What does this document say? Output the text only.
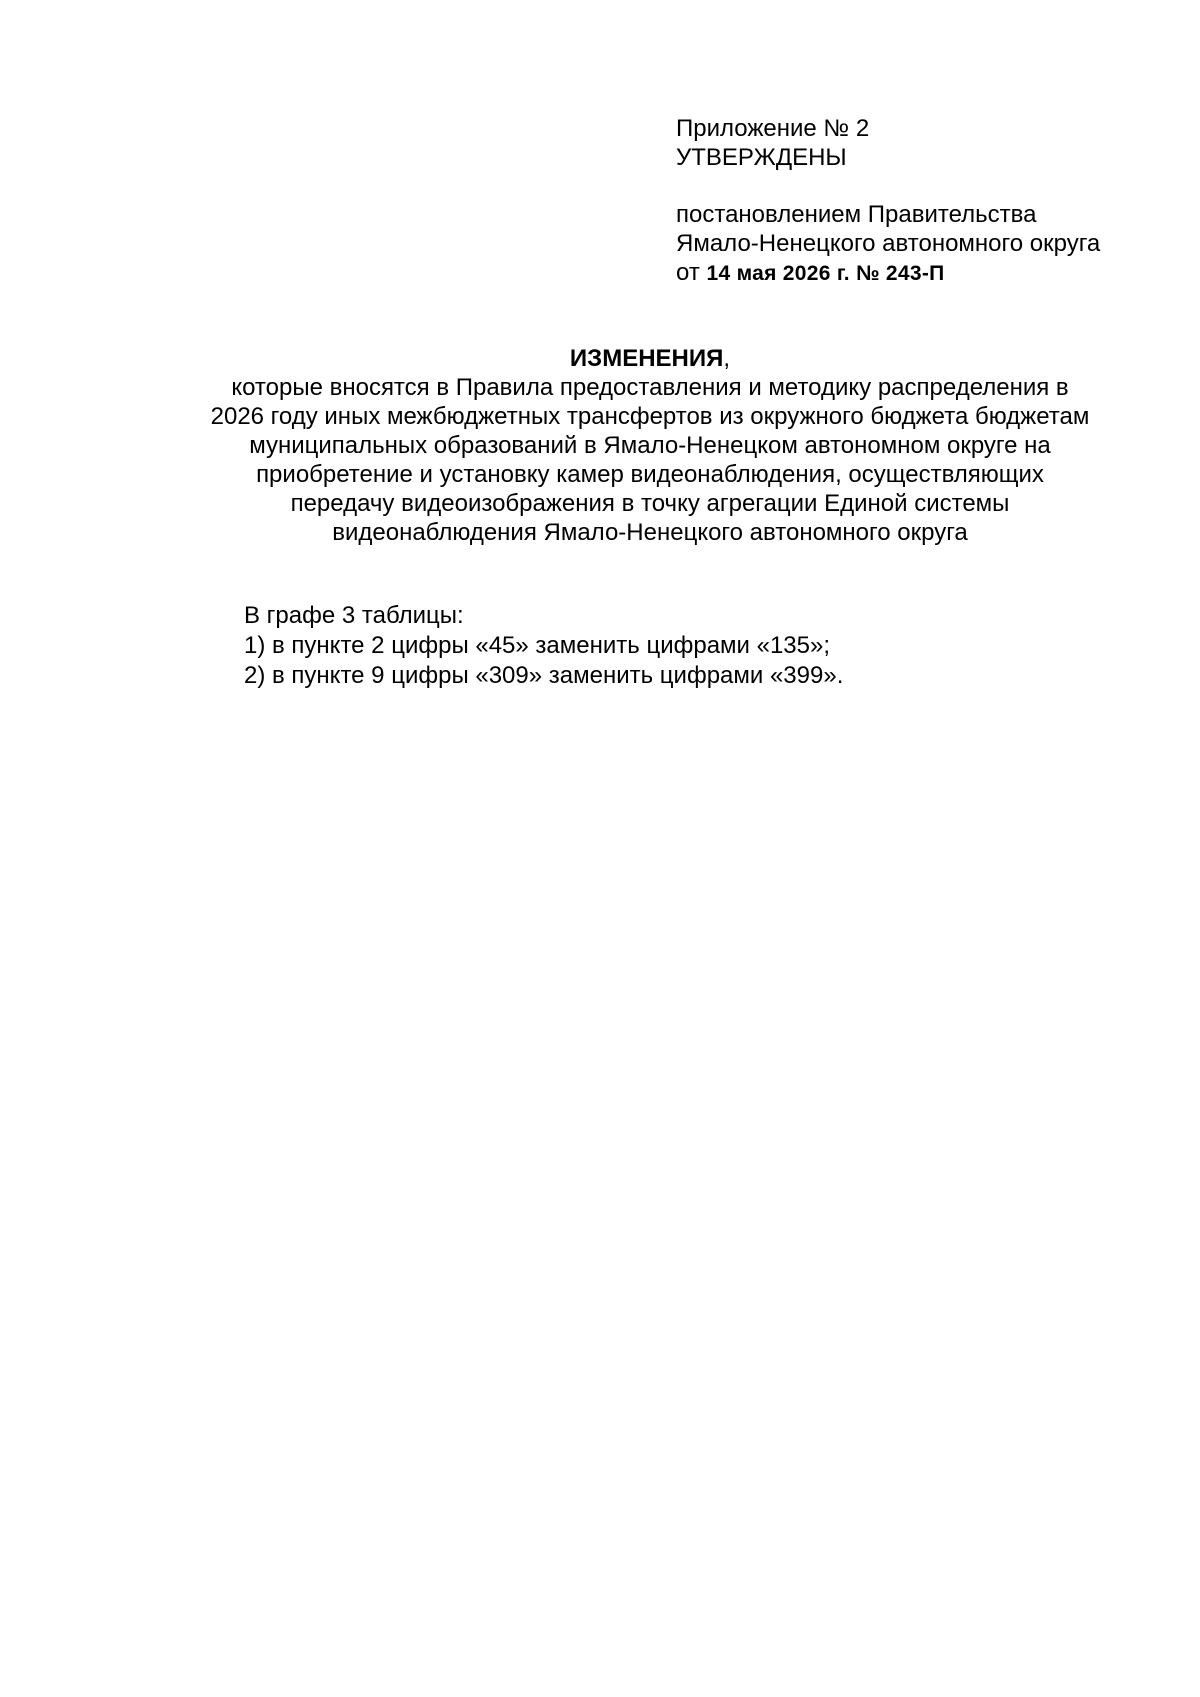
Приложение № 2
УТВЕРЖДЕНЫ
постановлением Правительства
Ямало-Ненецкого автономного округа
от 14 мая 2026 г. № 243-П
ИЗМЕНЕНИЯ,
которые вносятся в Правила предоставления и методику распределения в
2026 году иных межбюджетных трансфертов из окружного бюджета бюджетам
муниципальных образований в Ямало-Ненецком автономном округе на
приобретение и установку камер видеонаблюдения, осуществляющих
передачу видеоизображения в точку агрегации Единой системы
видеонаблюдения Ямало-Ненецкого автономного округа
В графе 3 таблицы:
1) в пункте 2 цифры «45» заменить цифрами «135»;
2) в пункте 9 цифры «309» заменить цифрами «399».
